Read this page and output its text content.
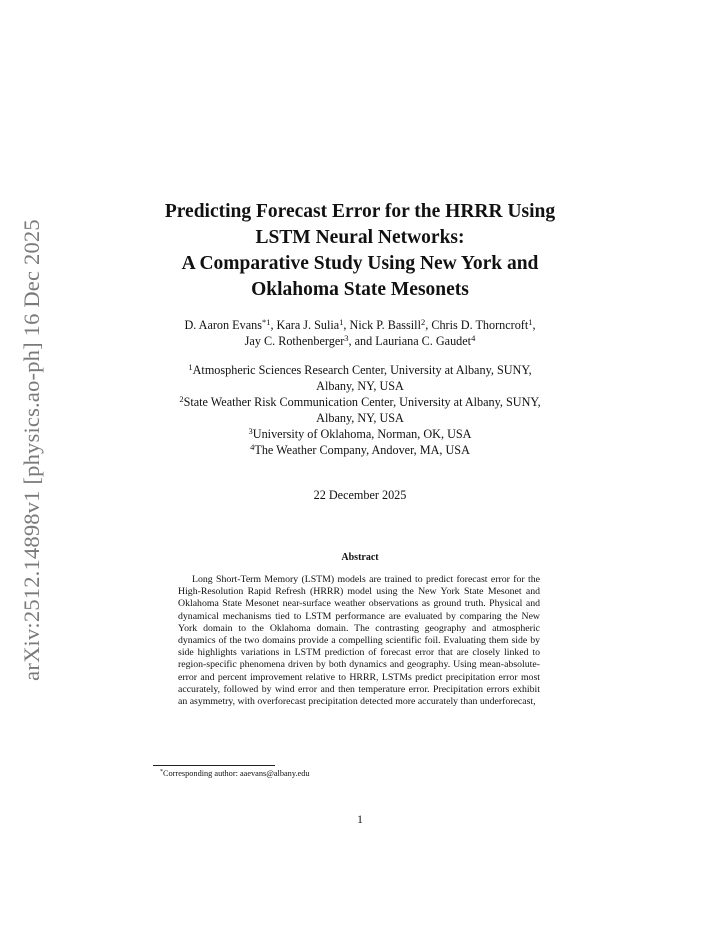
arXiv:2512.14898v1 [physics.ao-ph] 16 Dec 2025
Predicting Forecast Error for the HRRR Using
LSTM Neural Networks:
A Comparative Study Using New York and
Oklahoma State Mesonets
D. Aaron Evans$^{*1}$, Kara J. Sulia$^1$, Nick P. Bassill$^2$, Chris D. Thorncroft$^1$,
Jay C. Rothenberger$^3$, and Lauriana C. Gaudet$^4$
$^1$Atmospheric Sciences Research Center, University at Albany, SUNY,
Albany, NY, USA
$^2$State Weather Risk Communication Center, University at Albany, SUNY,
Albany, NY, USA
$^3$University of Oklahoma, Norman, OK, USA
$^4$The Weather Company, Andover, MA, USA
22 December 2025
Abstract

Long Short-Term Memory (LSTM) models are trained to predict forecast error for the High-Resolution Rapid Refresh (HRRR) model using the New York State Mesonet and Oklahoma State Mesonet near-surface weather observations as ground truth. Physical and dynamical mechanisms tied to LSTM performance are evaluated by comparing the New York domain to the Oklahoma domain. The contrasting geography and atmospheric dynamics of the two domains provide a compelling scientific foil. Evaluating them side by side highlights variations in LSTM prediction of forecast error that are closely linked to region-specific phenomena driven by both dynamics and geography. Using mean-absolute-error and percent improvement relative to HRRR, LSTMs predict precipitation error most accurately, followed by wind error and then temperature error. Precipitation errors exhibit an asymmetry, with overforecast precipitation detected more accurately than underforecast,

*Corresponding author: aaevans@albany.edu
1
